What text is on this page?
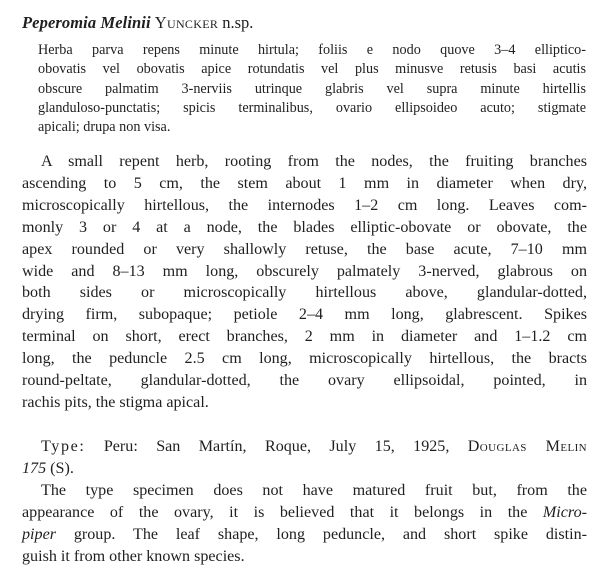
Peperomia Melinii Yuncker n.sp.

Herba parva repens minute hirtula; foliis e nodo quove 3–4 elliptico-
obovatis vel obovatis apice rotundatis vel plus minusve retusis basi acutis
obscure palmatim 3-nerviis utrinque glabris vel supra minute hirtellis
glanduloso-punctatis; spicis terminalibus, ovario ellipsoideo acuto; stigmate
apicali; drupa non visa.

A small repent herb, rooting from the nodes, the fruiting branches
ascending to 5 cm, the stem about 1 mm in diameter when dry,
microscopically hirtellous, the internodes 1–2 cm long. Leaves com-
monly 3 or 4 at a node, the blades elliptic-obovate or obovate, the
apex rounded or very shallowly retuse, the base acute, 7–10 mm
wide and 8–13 mm long, obscurely palmately 3-nerved, glabrous on
both sides or microscopically hirtellous above, glandular-dotted,
drying firm, subopaque; petiole 2–4 mm long, glabrescent. Spikes
terminal on short, erect branches, 2 mm in diameter and 1–1.2 cm
long, the peduncle 2.5 cm long, microscopically hirtellous, the bracts
round-peltate, glandular-dotted, the ovary ellipsoidal, pointed, in
rachis pits, the stigma apical.

Type: Peru: San Martín, Roque, July 15, 1925, Douglas Melin
175 (S).

The type specimen does not have matured fruit but, from the
appearance of the ovary, it is believed that it belongs in the Micro-
piper group. The leaf shape, long peduncle, and short spike distin-
guish it from other known species.
